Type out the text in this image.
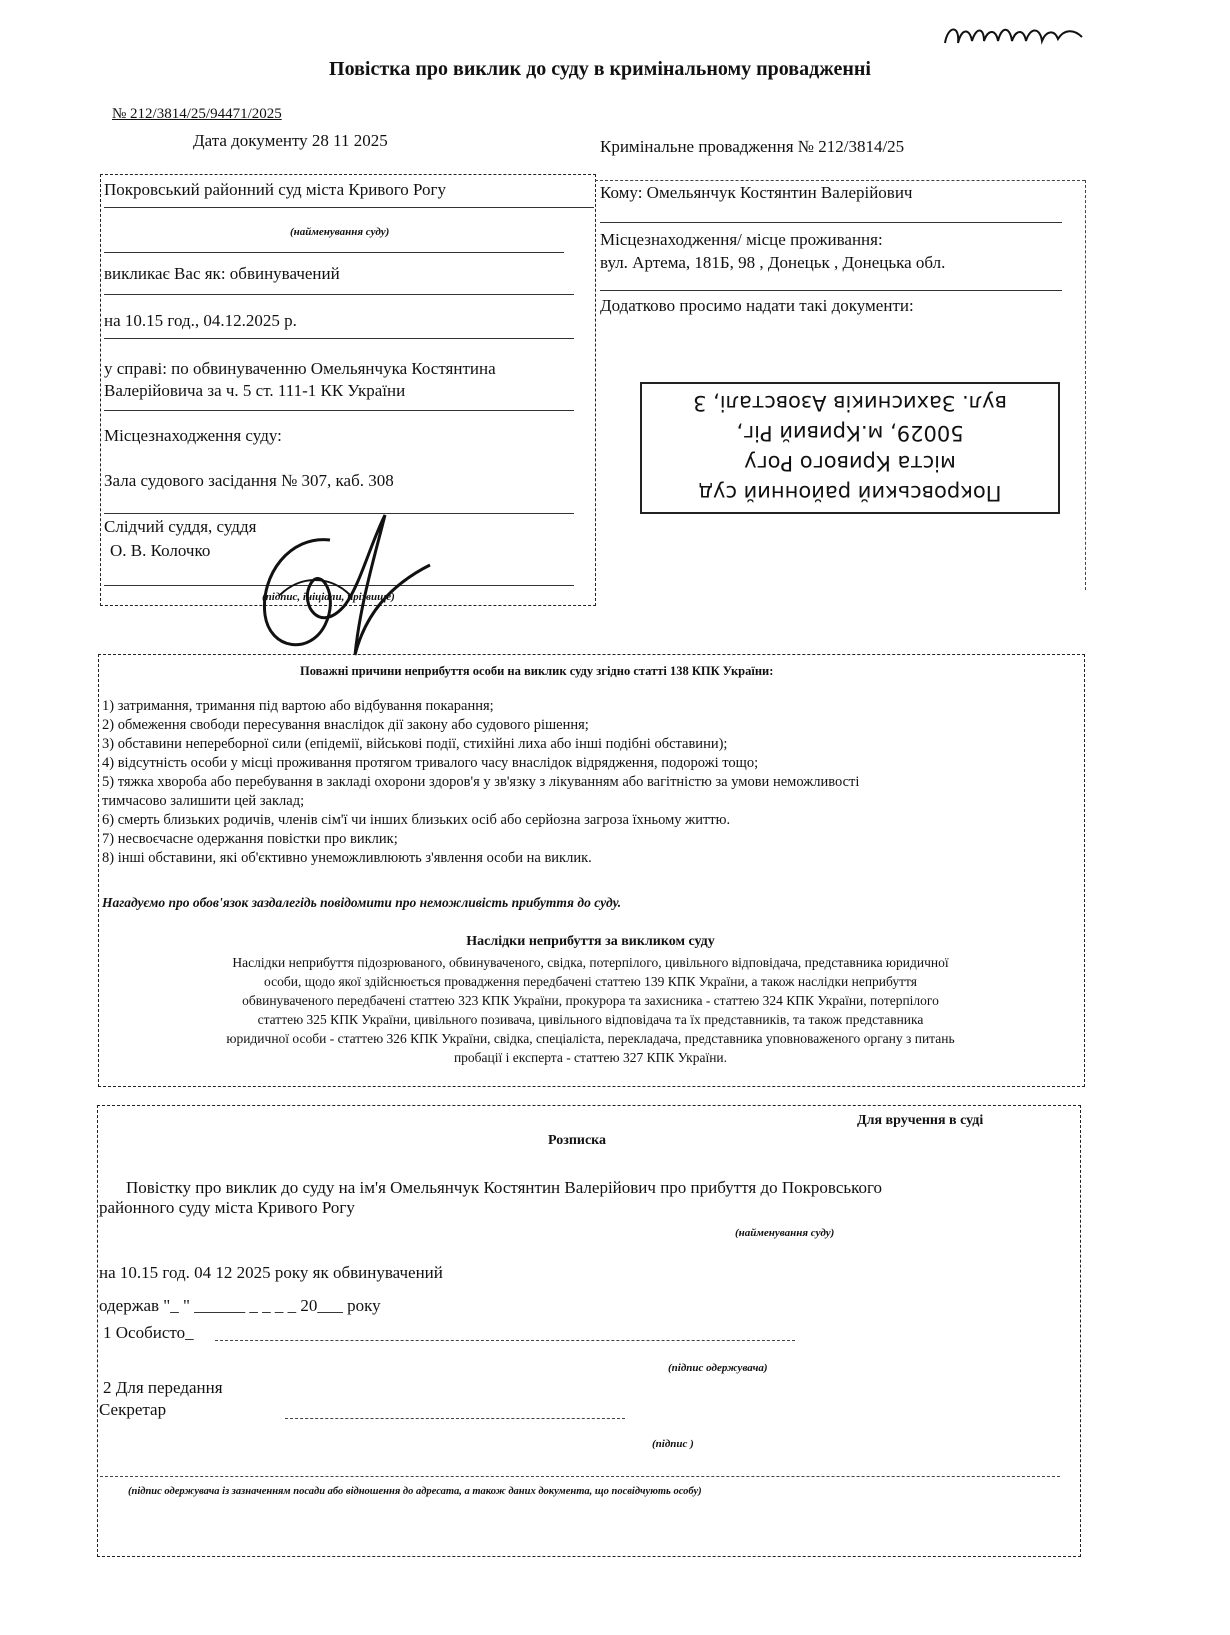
Повістка про виклик до суду в кримінальному провадженні
№ 212/3814/25/94471/2025
Дата документу 28 11 2025	Кримінальне провадження № 212/3814/25
Покровський районний суд міста Кривого Рогу
(найменування суду)
викликає Вас як: обвинувачений
на 10.15 год., 04.12.2025 р.
у справі: по обвинуваченню Омельянчука Костянтина
Валерійовича за ч. 5 ст. 111-1 КК України
Місцезнаходження суду:
Зала судового засідання № 307, каб. 308
Слідчий суддя, суддя
О. В. Колочко
(підпис, ініціали, прізвище)
Кому: Омельянчук Костянтин Валерійович
Місцезнаходження/ місце проживання:
вул. Артема, 181Б, 98 , Донецьк , Донецька обл.
Додатково просимо надати такі документи:
Покровський районний суд
міста Кривого Рогу
50029, м.Кривий Ріг,
вул. Захисників Азовсталі, 3
Поважні причини неприбуття особи на виклик суду згідно статті 138 КПК України:
1) затримання, тримання під вартою або відбування покарання;
2) обмеження свободи пересування внаслідок дії закону або судового рішення;
3) обставини непереборної сили (епідемії, військові події, стихійні лиха або інші подібні обставини);
4) відсутність особи у місці проживання протягом тривалого часу внаслідок відрядження, подорожі тощо;
5) тяжка хвороба або перебування в закладі охорони здоров'я у зв'язку з лікуванням або вагітністю за умови неможливості
тимчасово залишити цей заклад;
6) смерть близьких родичів, членів сім'ї чи інших близьких осіб або серйозна загроза їхньому життю.
7) несвоєчасне одержання повістки про виклик;
8) інші обставини, які об'єктивно унеможливлюють з'явлення особи на виклик.
Нагадуємо про обов'язок заздалегідь повідомити про неможливість прибуття до суду.
Наслідки неприбуття за викликом суду
Наслідки неприбуття підозрюваного, обвинуваченого, свідка, потерпілого, цивільного відповідача, представника юридичної
особи, щодо якої здійснюється провадження передбачені статтею 139 КПК України, а також наслідки неприбуття
обвинуваченого передбачені статтею 323 КПК України, прокурора та захисника - статтею 324 КПК України, потерпілого
статтею 325 КПК України, цивільного позивача, цивільного відповідача та їх представників, та також представника
юридичної особи - статтею 326 КПК України, свідка, спеціаліста, перекладача, представника уповноваженого органу з питань
пробації і експерта - статтею 327 КПК України.
Для вручення в суді
Розписка
Повістку про виклик до суду на ім'я Омельянчук Костянтин Валерійович про прибуття до Покровського
районного суду міста Кривого Рогу
(найменування суду)
на 10.15 год. 04 12 2025 року як обвинувачений
одержав "_ " ______ _ _ _ _ 20___ року
1 Особисто_
(підпис одержувача)
2 Для передання
Секретар
(підпис )
(підпис одержувача із зазначенням посади або відношення до адресата, а також даних документа, що посвідчують особу)
